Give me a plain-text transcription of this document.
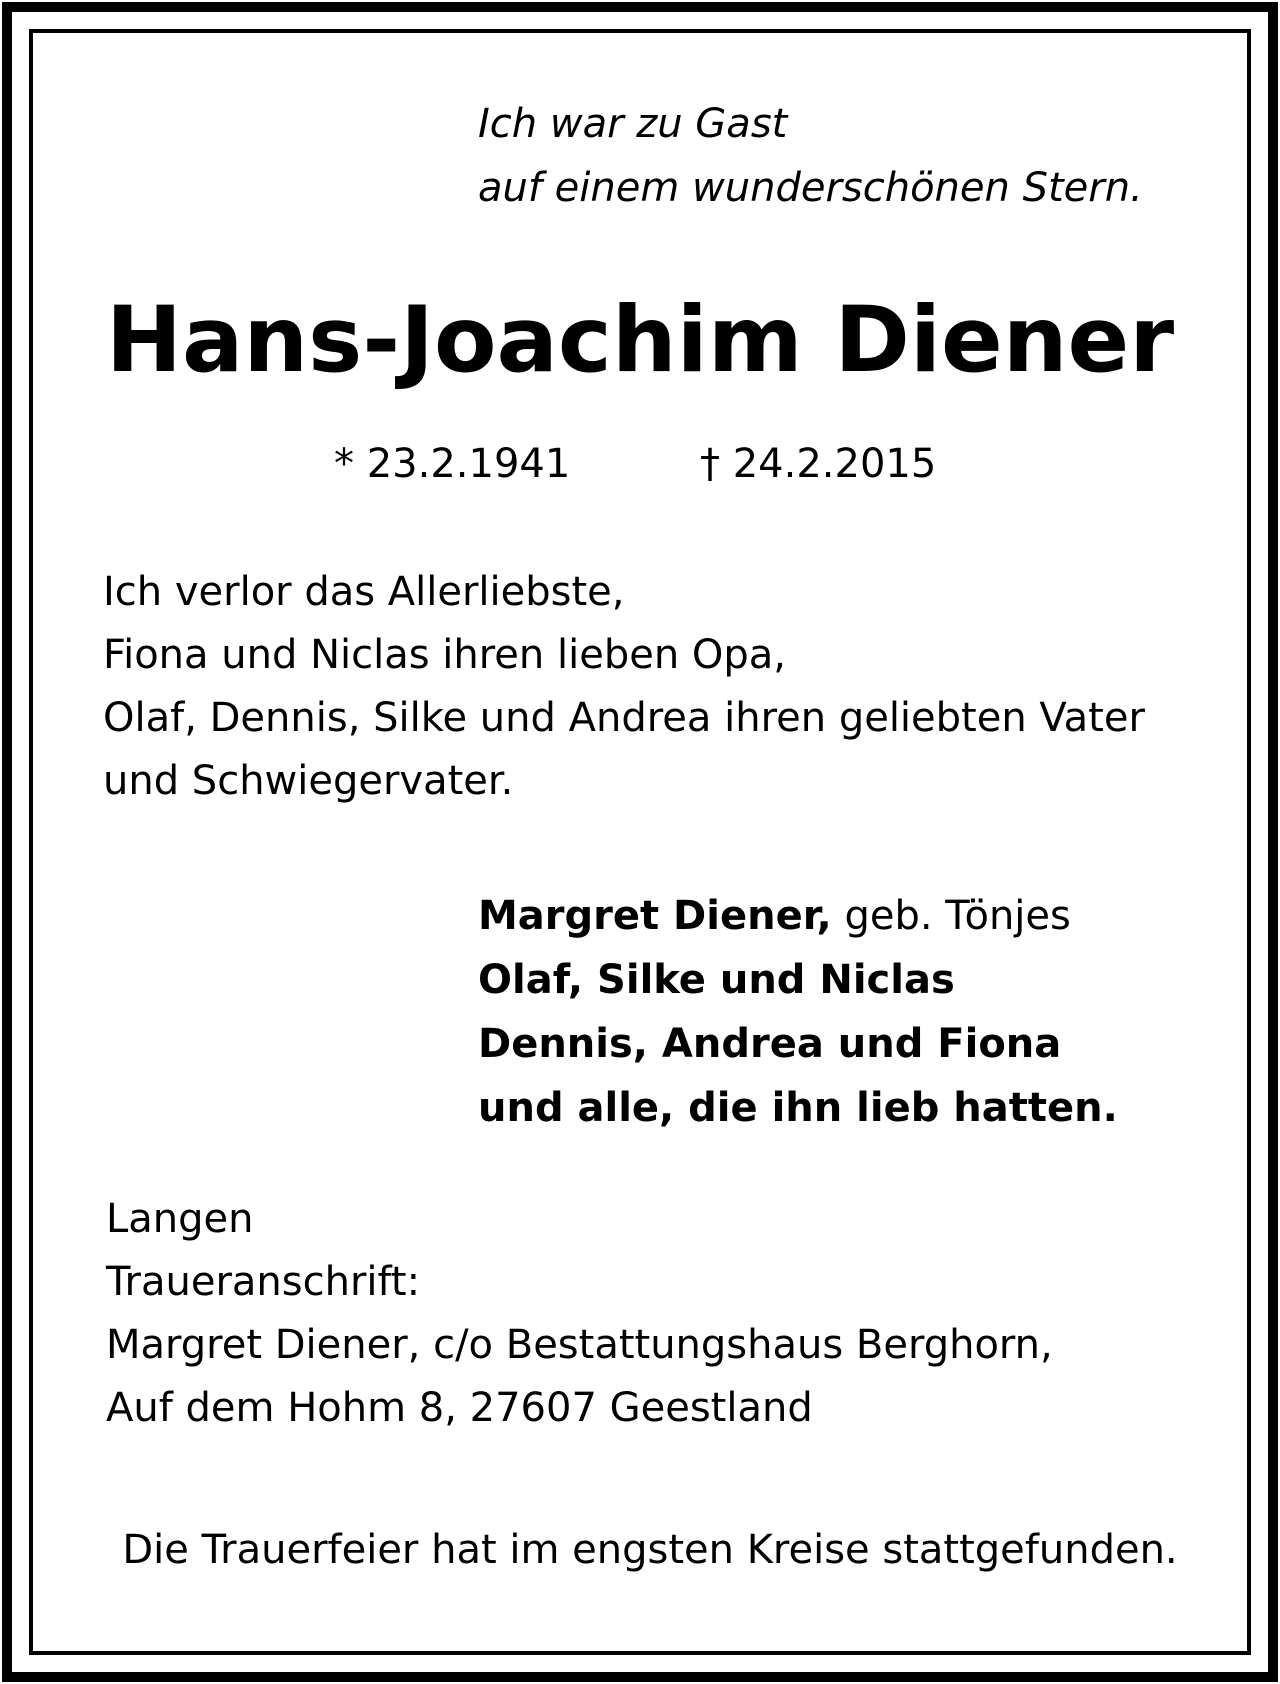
Ich war zu Gast
auf einem wunderschönen Stern.
Hans-Joachim Diener
* 23.2.1941	† 24.2.2015
Ich verlor das Allerliebste,
Fiona und Niclas ihren lieben Opa,
Olaf, Dennis, Silke und Andrea ihren geliebten Vater
und Schwiegervater.
Margret Diener, geb. Tönjes
Olaf, Silke und Niclas
Dennis, Andrea und Fiona
und alle, die ihn lieb hatten.
Langen
Traueranschrift:
Margret Diener, c/o Bestattungshaus Berghorn,
Auf dem Hohm 8, 27607 Geestland
Die Trauerfeier hat im engsten Kreise stattgefunden.
